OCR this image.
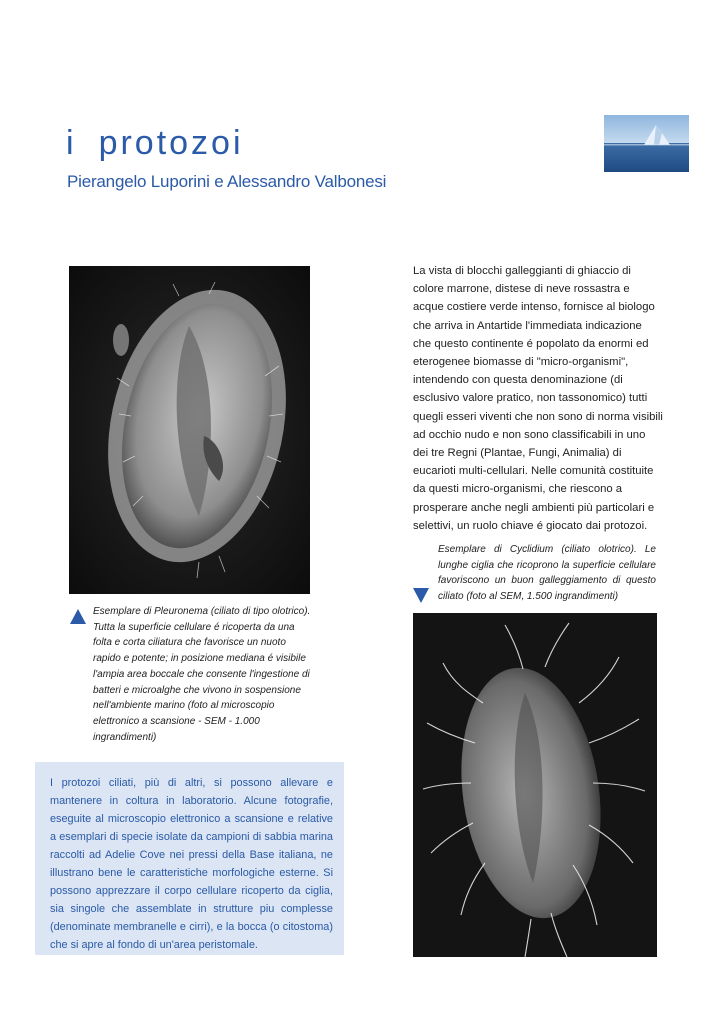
i protozoi
Pierangelo Luporini e Alessandro Valbonesi
La vista di blocchi galleggianti di ghiaccio di colore marrone, distese di neve rossastra e acque costiere verde intenso, fornisce al biologo che arriva in Antartide l'immediata indicazione che questo continente é popolato da enormi ed eterogenee biomasse di "micro-organismi", intendendo con questa denominazione (di esclusivo valore pratico, non tassonomico) tutti quegli esseri viventi che non sono di norma visibili ad occhio nudo e non sono classificabili in uno dei tre Regni (Plantae, Fungi, Animalia) di eucarioti multi-cellulari. Nelle comunità costituite da questi micro-organismi, che riescono a prosperare anche negli ambienti più particolari e selettivi, un ruolo chiave é giocato dai protozoi.
Esemplare di Cyclidium (ciliato olotrico). Le lunghe ciglia che ricoprono la superficie cellulare favoriscono un buon galleggiamento di questo ciliato (foto al SEM, 1.500 ingrandimenti)
Esemplare di Pleuronema (ciliato di tipo olotrico). Tutta la superficie cellulare é ricoperta da una folta e corta ciliatura che favorisce un nuoto rapido e potente; in posizione mediana é visibile l'ampia area boccale che consente l'ingestione di batteri e microalghe che vivono in sospensione nell'ambiente marino (foto al microscopio elettronico a scansione - SEM - 1.000 ingrandimenti)
I protozoi ciliati, più di altri, si possono allevare e mantenere in coltura in laboratorio. Alcune fotografie, eseguite al microscopio elettronico a scansione e relative a esemplari di specie isolate da campioni di sabbia marina raccolti ad Adelie Cove nei pressi della Base italiana, ne illustrano bene le caratteristiche morfologiche esterne. Si possono apprezzare il corpo cellulare ricoperto da ciglia, sia singole che assemblate in strutture piu complesse (denominate membranelle e cirri), e la bocca (o citostoma) che si apre al fondo di un'area peristomale.
